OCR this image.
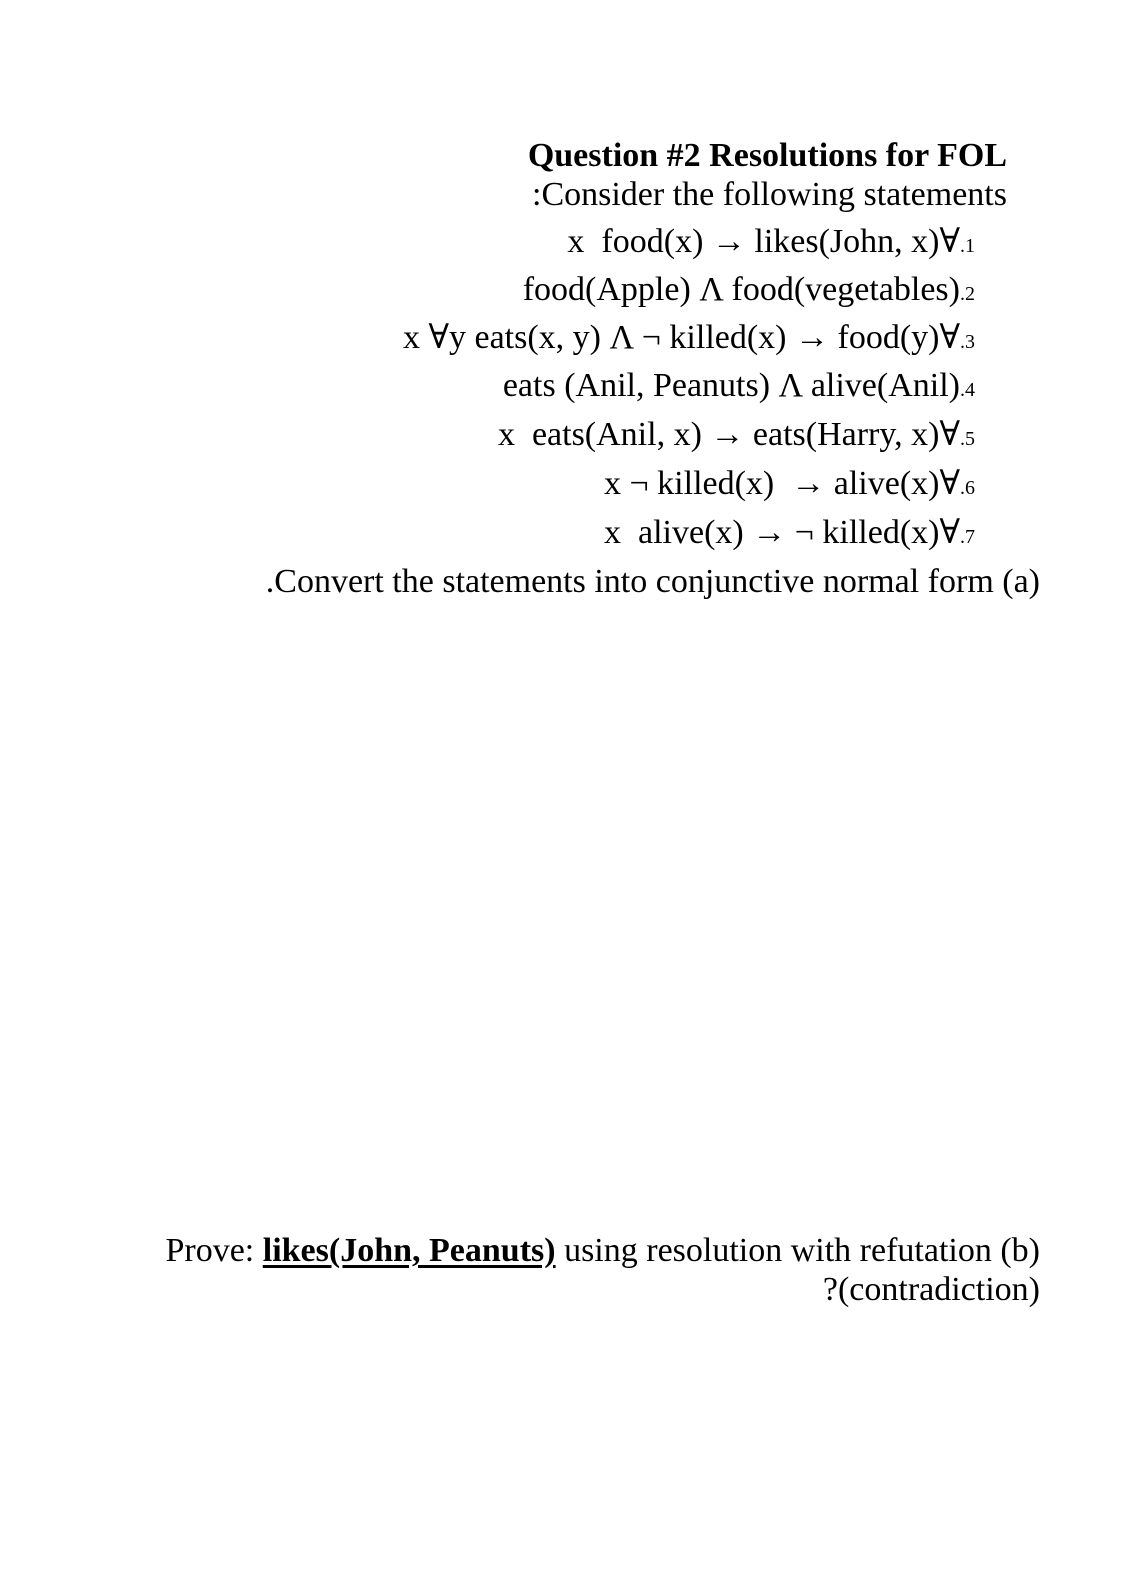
Question #2 Resolutions for FOL
:Consider the following statements
x  food(x) → likes(John, x)∀.1
food(Apple) Λ food(vegetables).2
x ∀y eats(x, y) Λ ¬ killed(x) → food(y)∀.3
eats (Anil, Peanuts) Λ alive(Anil).4
x  eats(Anil, x) → eats(Harry, x)∀.5
x ¬ killed(x)  → alive(x)∀.6
x  alive(x) → ¬ killed(x)∀.7
.Convert the statements into conjunctive normal form (a)
Prove: likes(John, Peanuts) using resolution with refutation (b)
?(contradiction)
